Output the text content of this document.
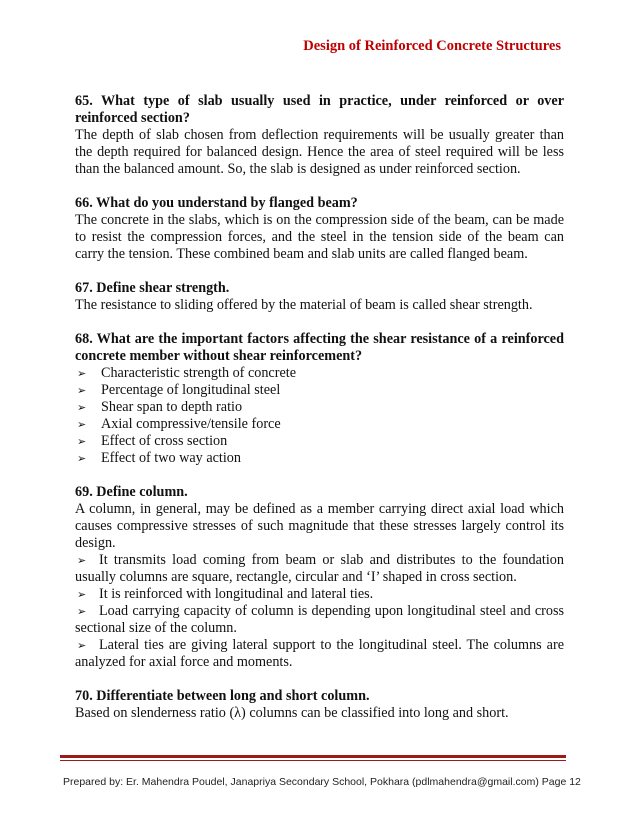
Design of Reinforced Concrete Structures

65. What type of slab usually used in practice, under reinforced or over reinforced section?

The depth of slab chosen from deflection requirements will be usually greater than the depth required for balanced design. Hence the area of steel required will be less than the balanced amount. So, the slab is designed as under reinforced section.

66. What do you understand by flanged beam?

The concrete in the slabs, which is on the compression side of the beam, can be made to resist the compression forces, and the steel in the tension side of the beam can carry the tension. These combined beam and slab units are called flanged beam.

67. Define shear strength.

The resistance to sliding offered by the material of beam is called shear strength.

68. What are the important factors affecting the shear resistance of a reinforced concrete member without shear reinforcement?

➢ Characteristic strength of concrete
➢ Percentage of longitudinal steel
➢ Shear span to depth ratio
➢ Axial compressive/tensile force
➢ Effect of cross section
➢ Effect of two way action

69. Define column.

A column, in general, may be defined as a member carrying direct axial load which causes compressive stresses of such magnitude that these stresses largely control its design.

➢ It transmits load coming from beam or slab and distributes to the foundation usually columns are square, rectangle, circular and ‘I’ shaped in cross section.

➢ It is reinforced with longitudinal and lateral ties.

➢ Load carrying capacity of column is depending upon longitudinal steel and cross sectional size of the column.

➢ Lateral ties are giving lateral support to the longitudinal steel. The columns are analyzed for axial force and moments.

70. Differentiate between long and short column.

Based on slenderness ratio (λ) columns can be classified into long and short.

Prepared by: Er. Mahendra Poudel, Janapriya Secondary School, Pokhara (pdlmahendra@gmail.com) Page 12
